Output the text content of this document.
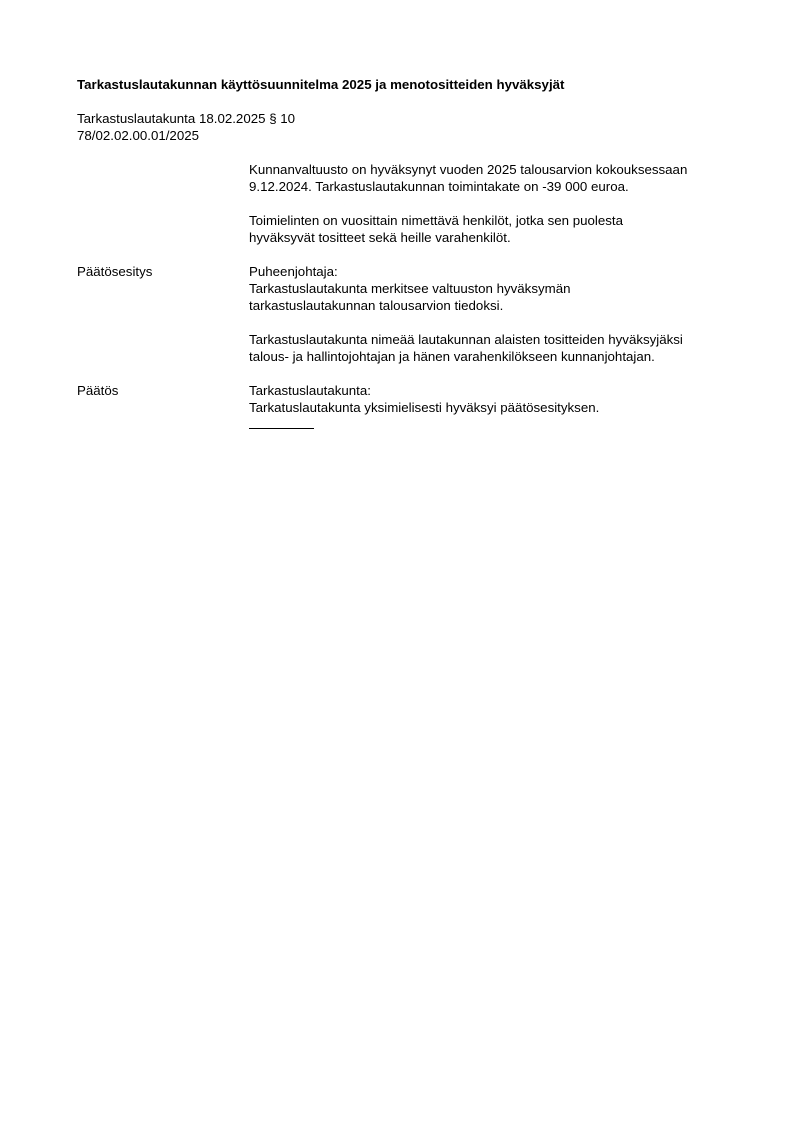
Tarkastuslautakunnan käyttösuunnitelma 2025 ja menotositteiden hyväksyjät

Tarkastuslautakunta 18.02.2025 § 10
78/02.02.00.01/2025

Kunnanvaltuusto on hyväksynyt vuoden 2025 talousarvion kokouksessaan
9.12.2024. Tarkastuslautakunnan toimintakate on -39 000 euroa.

Toimielinten on vuosittain nimettävä henkilöt, jotka sen puolesta
hyväksyvät tositteet sekä heille varahenkilöt.

Päätösesitys	Puheenjohtaja:

Tarkastuslautakunta merkitsee valtuuston hyväksymän
tarkastuslautakunnan talousarvion tiedoksi.

Tarkastuslautakunta nimeää lautakunnan alaisten tositteiden hyväksyjäksi
talous- ja hallintojohtajan ja hänen varahenkilökseen kunnanjohtajan.

Päätös	Tarkastuslautakunta:
Tarkatuslautakunta yksimielisesti hyväksyi päätösesityksen.
